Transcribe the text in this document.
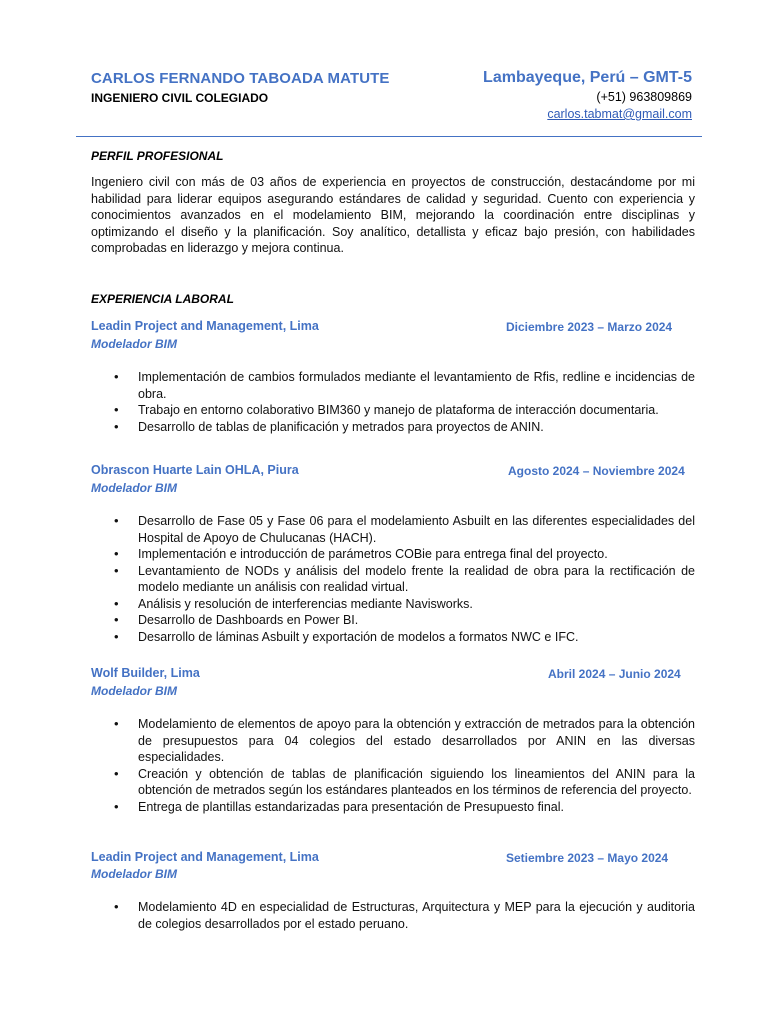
CARLOS FERNANDO TABOADA MATUTE
INGENIERO CIVIL COLEGIADO
Lambayeque, Perú – GMT-5
(+51) 963809869
carlos.tabmat@gmail.com
PERFIL PROFESIONAL
Ingeniero civil con más de 03 años de experiencia en proyectos de construcción, destacándome por mi habilidad para liderar equipos asegurando estándares de calidad y seguridad. Cuento con experiencia y conocimientos avanzados en el modelamiento BIM, mejorando la coordinación entre disciplinas y optimizando el diseño y la planificación. Soy analítico, detallista y eficaz bajo presión, con habilidades comprobadas en liderazgo y mejora continua.
EXPERIENCIA LABORAL
Leadin Project and Management, Lima	Diciembre 2023 – Marzo 2024
Modelador BIM
• Implementación de cambios formulados mediante el levantamiento de Rfis, redline e incidencias de obra.
• Trabajo en entorno colaborativo BIM360 y manejo de plataforma de interacción documentaria.
• Desarrollo de tablas de planificación y metrados para proyectos de ANIN.
Obrascon Huarte Lain OHLA, Piura	Agosto 2024 – Noviembre 2024
Modelador BIM
• Desarrollo de Fase 05 y Fase 06 para el modelamiento Asbuilt en las diferentes especialidades del Hospital de Apoyo de Chulucanas (HACH).
• Implementación e introducción de parámetros COBie para entrega final del proyecto.
• Levantamiento de NODs y análisis del modelo frente la realidad de obra para la rectificación de modelo mediante un análisis con realidad virtual.
• Análisis y resolución de interferencias mediante Navisworks.
• Desarrollo de Dashboards en Power BI.
• Desarrollo de láminas Asbuilt y exportación de modelos a formatos NWC e IFC.
Wolf Builder, Lima	Abril 2024 – Junio 2024
Modelador BIM
• Modelamiento de elementos de apoyo para la obtención y extracción de metrados para la obtención de presupuestos para 04 colegios del estado desarrollados por ANIN en las diversas especialidades.
• Creación y obtención de tablas de planificación siguiendo los lineamientos del ANIN para la obtención de metrados según los estándares planteados en los términos de referencia del proyecto.
• Entrega de plantillas estandarizadas para presentación de Presupuesto final.
Leadin Project and Management, Lima	Setiembre 2023 – Mayo 2024
Modelador BIM
• Modelamiento 4D en especialidad de Estructuras, Arquitectura y MEP para la ejecución y auditoria de colegios desarrollados por el estado peruano.
